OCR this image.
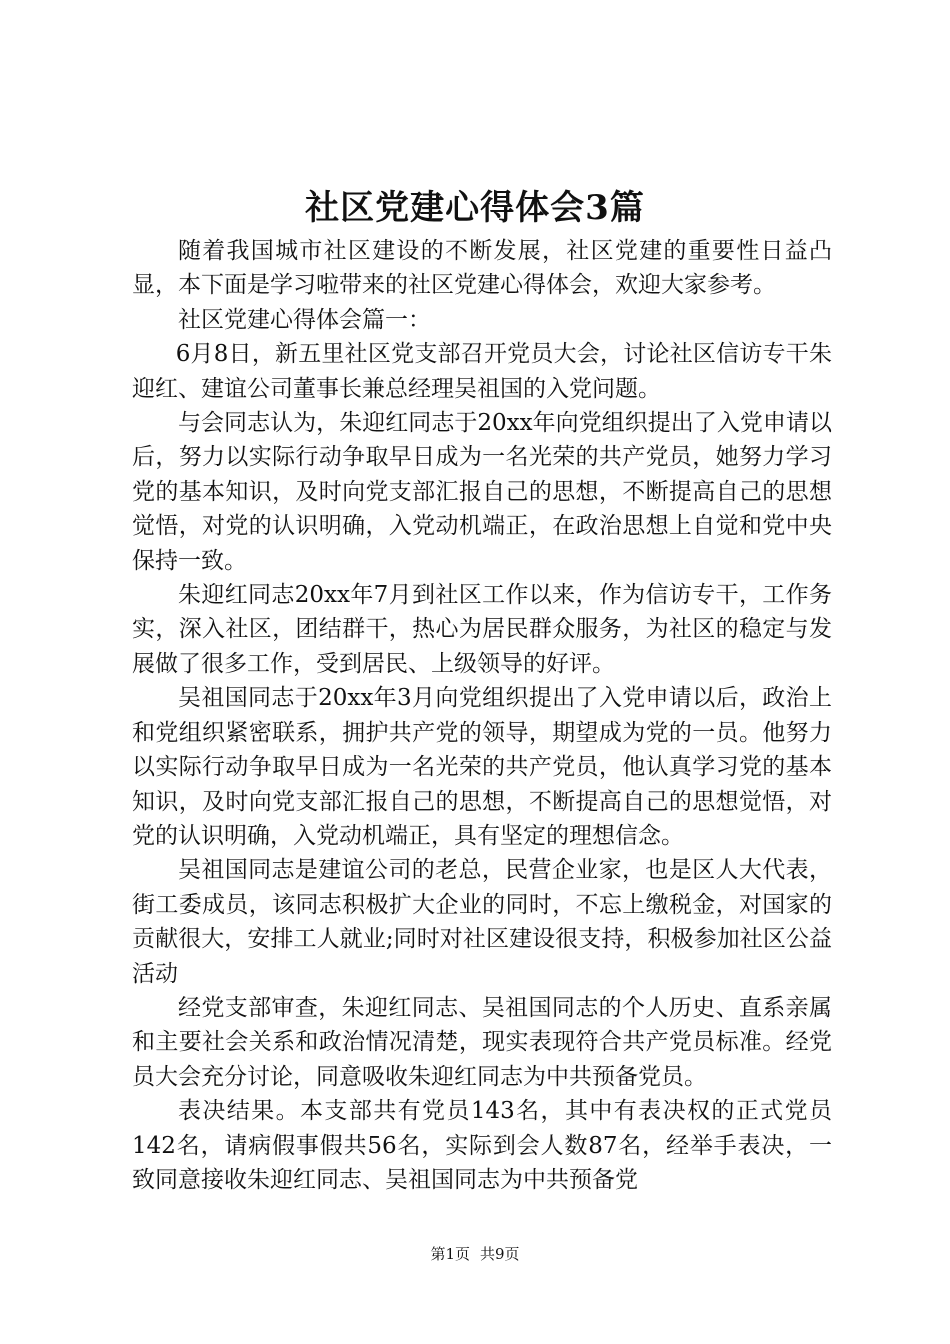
社区党建心得体会3篇

随着我国城市社区建设的不断发展，社区党建的重要性日益凸显，本下面是学习啦带来的社区党建心得体会，欢迎大家参考。

社区党建心得体会篇一：

6月8日，新五里社区党支部召开党员大会，讨论社区信访专干朱迎红、建谊公司董事长兼总经理吴祖国的入党问题。

与会同志认为，朱迎红同志于20xx年向党组织提出了入党申请以后，努力以实际行动争取早日成为一名光荣的共产党员，她努力学习党的基本知识，及时向党支部汇报自己的思想，不断提高自己的思想觉悟，对党的认识明确，入党动机端正，在政治思想上自觉和党中央保持一致。

朱迎红同志20xx年7月到社区工作以来，作为信访专干，工作务实，深入社区，团结群干，热心为居民群众服务，为社区的稳定与发展做了很多工作，受到居民、上级领导的好评。

吴祖国同志于20xx年3月向党组织提出了入党申请以后，政治上和党组织紧密联系，拥护共产党的领导，期望成为党的一员。他努力以实际行动争取早日成为一名光荣的共产党员，他认真学习党的基本知识，及时向党支部汇报自己的思想，不断提高自己的思想觉悟，对党的认识明确，入党动机端正，具有坚定的理想信念。

吴祖国同志是建谊公司的老总，民营企业家，也是区人大代表，街工委成员，该同志积极扩大企业的同时，不忘上缴税金，对国家的贡献很大，安排工人就业;同时对社区建设很支持，积极参加社区公益活动

经党支部审查，朱迎红同志、吴祖国同志的个人历史、直系亲属和主要社会关系和政治情况清楚，现实表现符合共产党员标准。经党员大会充分讨论，同意吸收朱迎红同志为中共预备党员。

表决结果。本支部共有党员143名，其中有表决权的正式党员142名，请病假事假共56名，实际到会人数87名，经举手表决，一致同意接收朱迎红同志、吴祖国同志为中共预备党

第1页 共9页
